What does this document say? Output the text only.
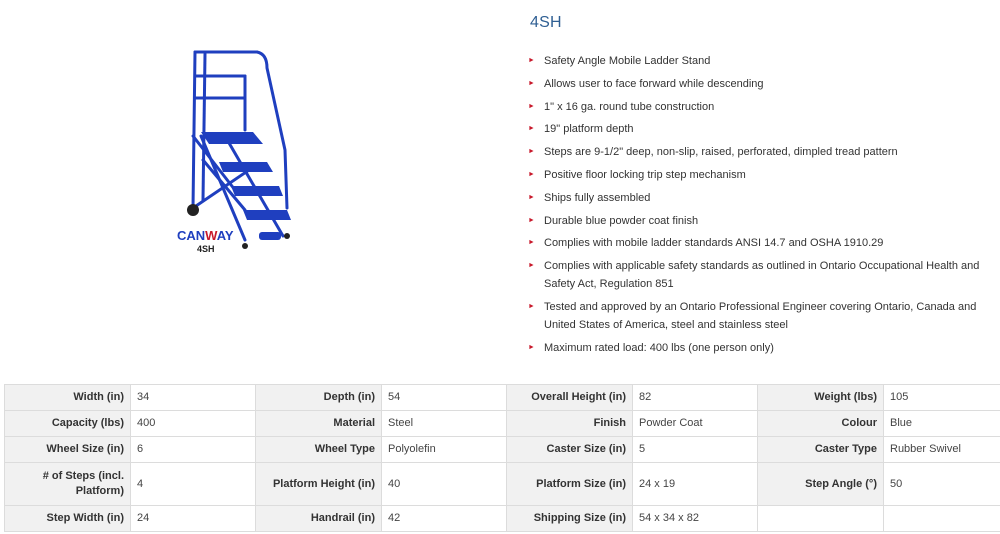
CANWAY
4SH
4SH
► Safety Angle Mobile Ladder Stand
► Allows user to face forward while descending
► 1" x 16 ga. round tube construction
► 19" platform depth
► Steps are 9-1/2" deep, non-slip, raised, perforated, dimpled tread pattern
► Positive floor locking trip step mechanism
► Ships fully assembled
► Durable blue powder coat finish
► Complies with mobile ladder standards ANSI 14.7 and OSHA 1910.29
► Complies with applicable safety standards as outlined in Ontario Occupational Health and Safety Act, Regulation 851
► Tested and approved by an Ontario Professional Engineer covering Ontario, Canada and United States of America, steel and stainless steel
► Maximum rated load: 400 lbs (one person only)
Width (in)	34	Depth (in)	54	Overall Height (in)	82	Weight (lbs)	105
Capacity (lbs)	400	Material	Steel	Finish	Powder Coat	Colour	Blue
Wheel Size (in)	6	Wheel Type	Polyolefin	Caster Size (in)	5	Caster Type	Rubber Swivel
# of Steps (incl. Platform)	4	Platform Height (in)	40	Platform Size (in)	24 x 19	Step Angle (°)	50
Step Width (in)	24	Handrail (in)	42	Shipping Size (in)	54 x 34 x 82		
